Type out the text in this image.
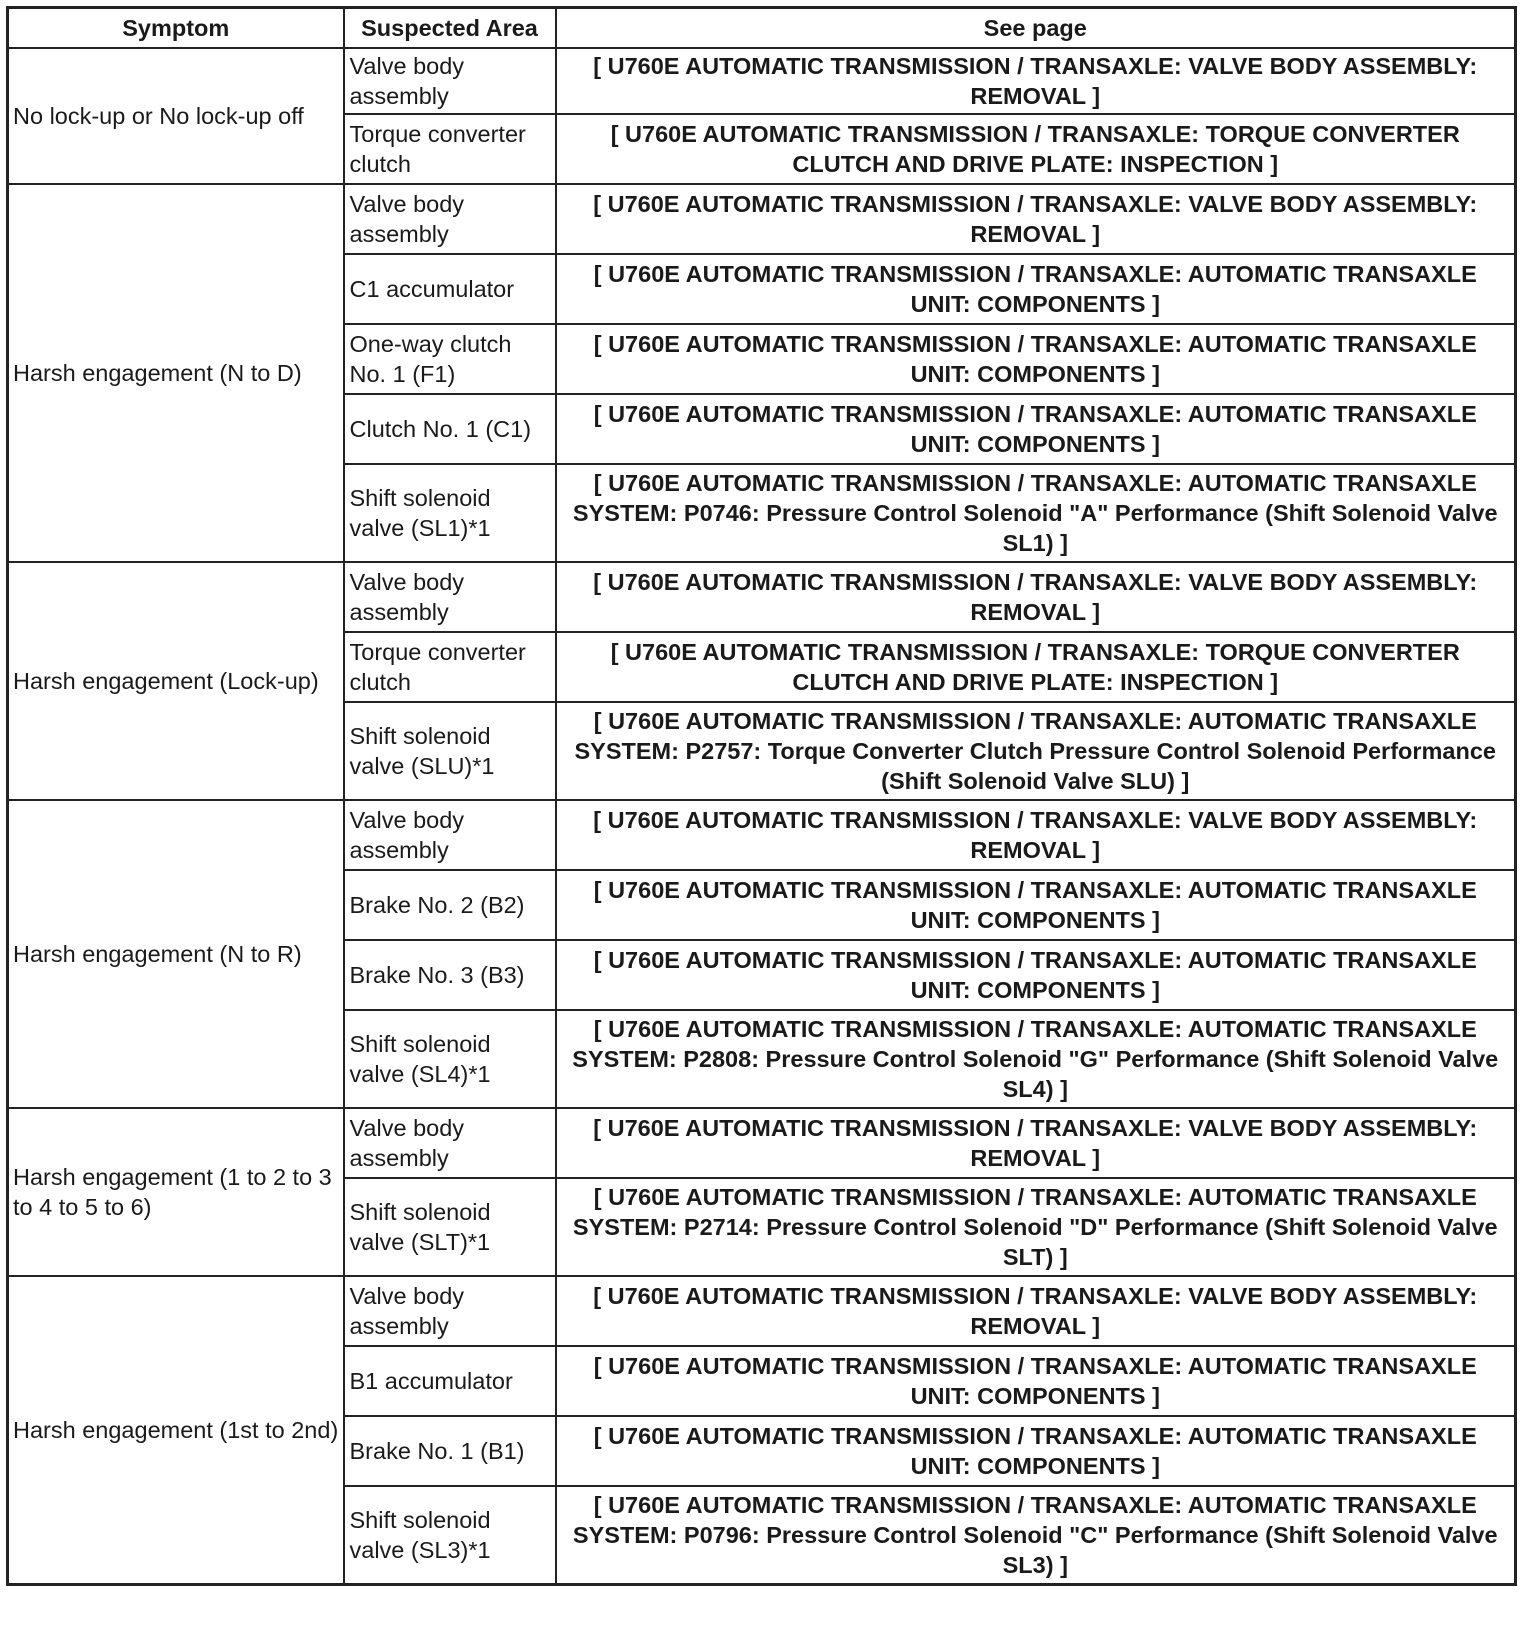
Symptom	Suspected Area	See page
No lock-up or No lock-up off	Valve body assembly	[ U760E AUTOMATIC TRANSMISSION / TRANSAXLE: VALVE BODY ASSEMBLY: REMOVAL ]
	Torque converter clutch	[ U760E AUTOMATIC TRANSMISSION / TRANSAXLE: TORQUE CONVERTER CLUTCH AND DRIVE PLATE: INSPECTION ]
Harsh engagement (N to D)	Valve body assembly	[ U760E AUTOMATIC TRANSMISSION / TRANSAXLE: VALVE BODY ASSEMBLY: REMOVAL ]
	C1 accumulator	[ U760E AUTOMATIC TRANSMISSION / TRANSAXLE: AUTOMATIC TRANSAXLE UNIT: COMPONENTS ]
	One-way clutch No. 1 (F1)	[ U760E AUTOMATIC TRANSMISSION / TRANSAXLE: AUTOMATIC TRANSAXLE UNIT: COMPONENTS ]
	Clutch No. 1 (C1)	[ U760E AUTOMATIC TRANSMISSION / TRANSAXLE: AUTOMATIC TRANSAXLE UNIT: COMPONENTS ]
	Shift solenoid valve (SL1)*1	[ U760E AUTOMATIC TRANSMISSION / TRANSAXLE: AUTOMATIC TRANSAXLE SYSTEM: P0746: Pressure Control Solenoid "A" Performance (Shift Solenoid Valve SL1) ]
Harsh engagement (Lock-up)	Valve body assembly	[ U760E AUTOMATIC TRANSMISSION / TRANSAXLE: VALVE BODY ASSEMBLY: REMOVAL ]
	Torque converter clutch	[ U760E AUTOMATIC TRANSMISSION / TRANSAXLE: TORQUE CONVERTER CLUTCH AND DRIVE PLATE: INSPECTION ]
	Shift solenoid valve (SLU)*1	[ U760E AUTOMATIC TRANSMISSION / TRANSAXLE: AUTOMATIC TRANSAXLE SYSTEM: P2757: Torque Converter Clutch Pressure Control Solenoid Performance (Shift Solenoid Valve SLU) ]
Harsh engagement (N to R)	Valve body assembly	[ U760E AUTOMATIC TRANSMISSION / TRANSAXLE: VALVE BODY ASSEMBLY: REMOVAL ]
	Brake No. 2 (B2)	[ U760E AUTOMATIC TRANSMISSION / TRANSAXLE: AUTOMATIC TRANSAXLE UNIT: COMPONENTS ]
	Brake No. 3 (B3)	[ U760E AUTOMATIC TRANSMISSION / TRANSAXLE: AUTOMATIC TRANSAXLE UNIT: COMPONENTS ]
	Shift solenoid valve (SL4)*1	[ U760E AUTOMATIC TRANSMISSION / TRANSAXLE: AUTOMATIC TRANSAXLE SYSTEM: P2808: Pressure Control Solenoid "G" Performance (Shift Solenoid Valve SL4) ]
Harsh engagement (1 to 2 to 3 to 4 to 5 to 6)	Valve body assembly	[ U760E AUTOMATIC TRANSMISSION / TRANSAXLE: VALVE BODY ASSEMBLY: REMOVAL ]
	Shift solenoid valve (SLT)*1	[ U760E AUTOMATIC TRANSMISSION / TRANSAXLE: AUTOMATIC TRANSAXLE SYSTEM: P2714: Pressure Control Solenoid "D" Performance (Shift Solenoid Valve SLT) ]
Harsh engagement (1st to 2nd)	Valve body assembly	[ U760E AUTOMATIC TRANSMISSION / TRANSAXLE: VALVE BODY ASSEMBLY: REMOVAL ]
	B1 accumulator	[ U760E AUTOMATIC TRANSMISSION / TRANSAXLE: AUTOMATIC TRANSAXLE UNIT: COMPONENTS ]
	Brake No. 1 (B1)	[ U760E AUTOMATIC TRANSMISSION / TRANSAXLE: AUTOMATIC TRANSAXLE UNIT: COMPONENTS ]
	Shift solenoid valve (SL3)*1	[ U760E AUTOMATIC TRANSMISSION / TRANSAXLE: AUTOMATIC TRANSAXLE SYSTEM: P0796: Pressure Control Solenoid "C" Performance (Shift Solenoid Valve SL3) ]
